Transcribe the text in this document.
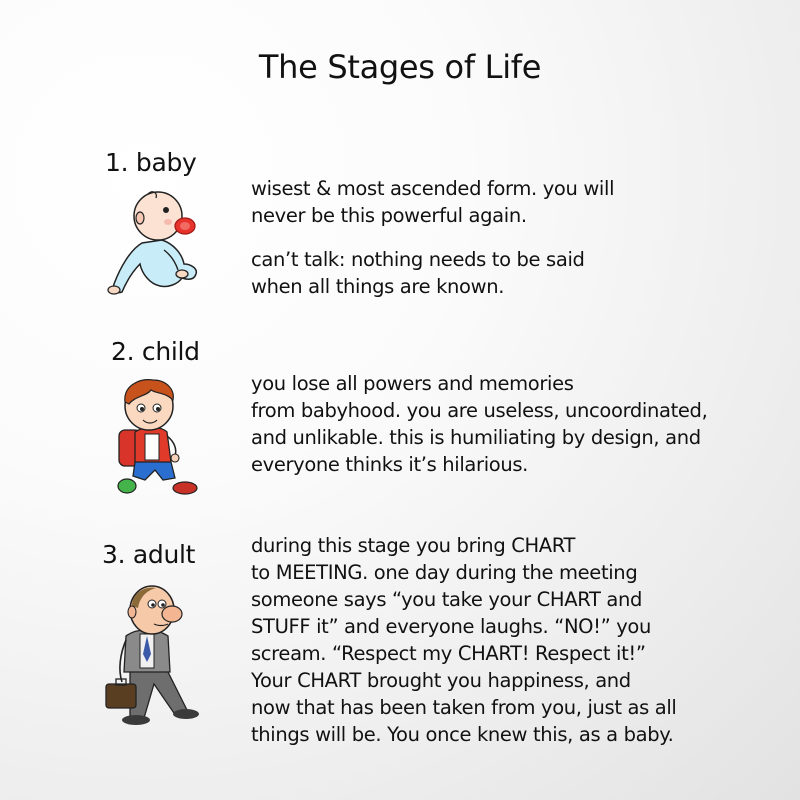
The Stages of Life
1. baby

wisest & most ascended form. you will
never be this powerful again.

can’t talk: nothing needs to be said
when all things are known.

2. child

you lose all powers and memories
from babyhood. you are useless, uncoordinated,
and unlikable. this is humiliating by design, and
everyone thinks it’s hilarious.

3. adult	during this stage you bring CHART
to MEETING. one day during the meeting
someone says “you take your CHART and
STUFF it” and everyone laughs. “NO!” you
scream. “Respect my CHART! Respect it!”
Your CHART brought you happiness, and
now that has been taken from you, just as all
things will be. You once knew this, as a baby.
